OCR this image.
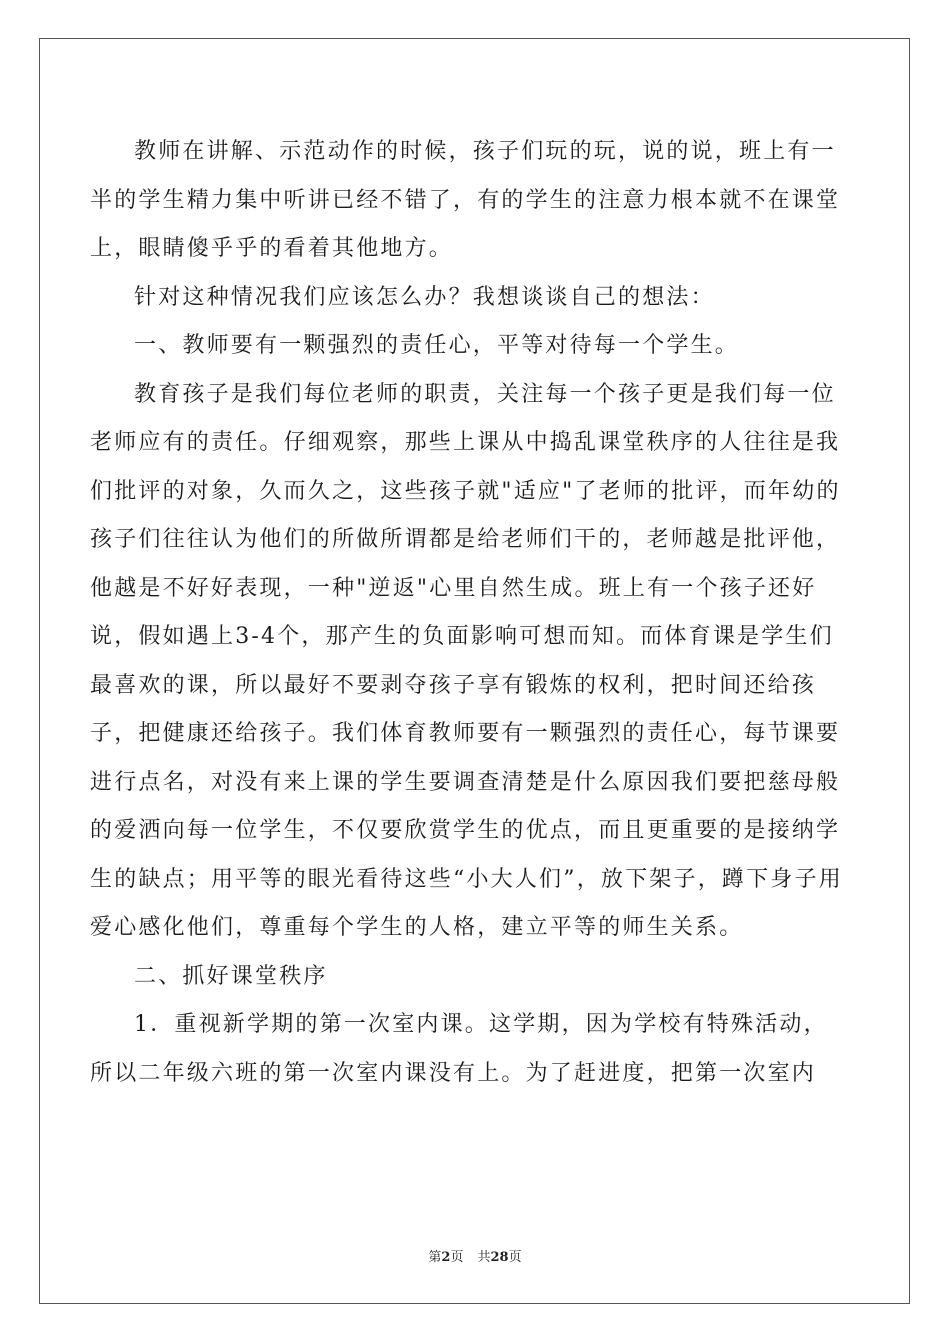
教师在讲解、示范动作的时候，孩子们玩的玩，说的说，班上有一半的学生精力集中听讲已经不错了，有的学生的注意力根本就不在课堂上，眼睛傻乎乎的看着其他地方。

针对这种情况我们应该怎么办？我想谈谈自己的想法：

一、教师要有一颗强烈的责任心，平等对待每一个学生。

教育孩子是我们每位老师的职责，关注每一个孩子更是我们每一位老师应有的责任。仔细观察，那些上课从中捣乱课堂秩序的人往往是我们批评的对象，久而久之，这些孩子就"适应"了老师的批评，而年幼的孩子们往往认为他们的所做所谓都是给老师们干的，老师越是批评他，他越是不好好表现，一种"逆返"心里自然生成。班上有一个孩子还好说，假如遇上3-4个，那产生的负面影响可想而知。而体育课是学生们最喜欢的课，所以最好不要剥夺孩子享有锻炼的权利，把时间还给孩子，把健康还给孩子。我们体育教师要有一颗强烈的责任心，每节课要进行点名，对没有来上课的学生要调查清楚是什么原因我们要把慈母般的爱洒向每一位学生，不仅要欣赏学生的优点，而且更重要的是接纳学生的缺点；用平等的眼光看待这些“小大人们”，放下架子，蹲下身子用爱心感化他们，尊重每个学生的人格，建立平等的师生关系。

二、抓好课堂秩序

1．重视新学期的第一次室内课。这学期，因为学校有特殊活动，所以二年级六班的第一次室内课没有上。为了赶进度，把第一次室内

第2页 共28页
